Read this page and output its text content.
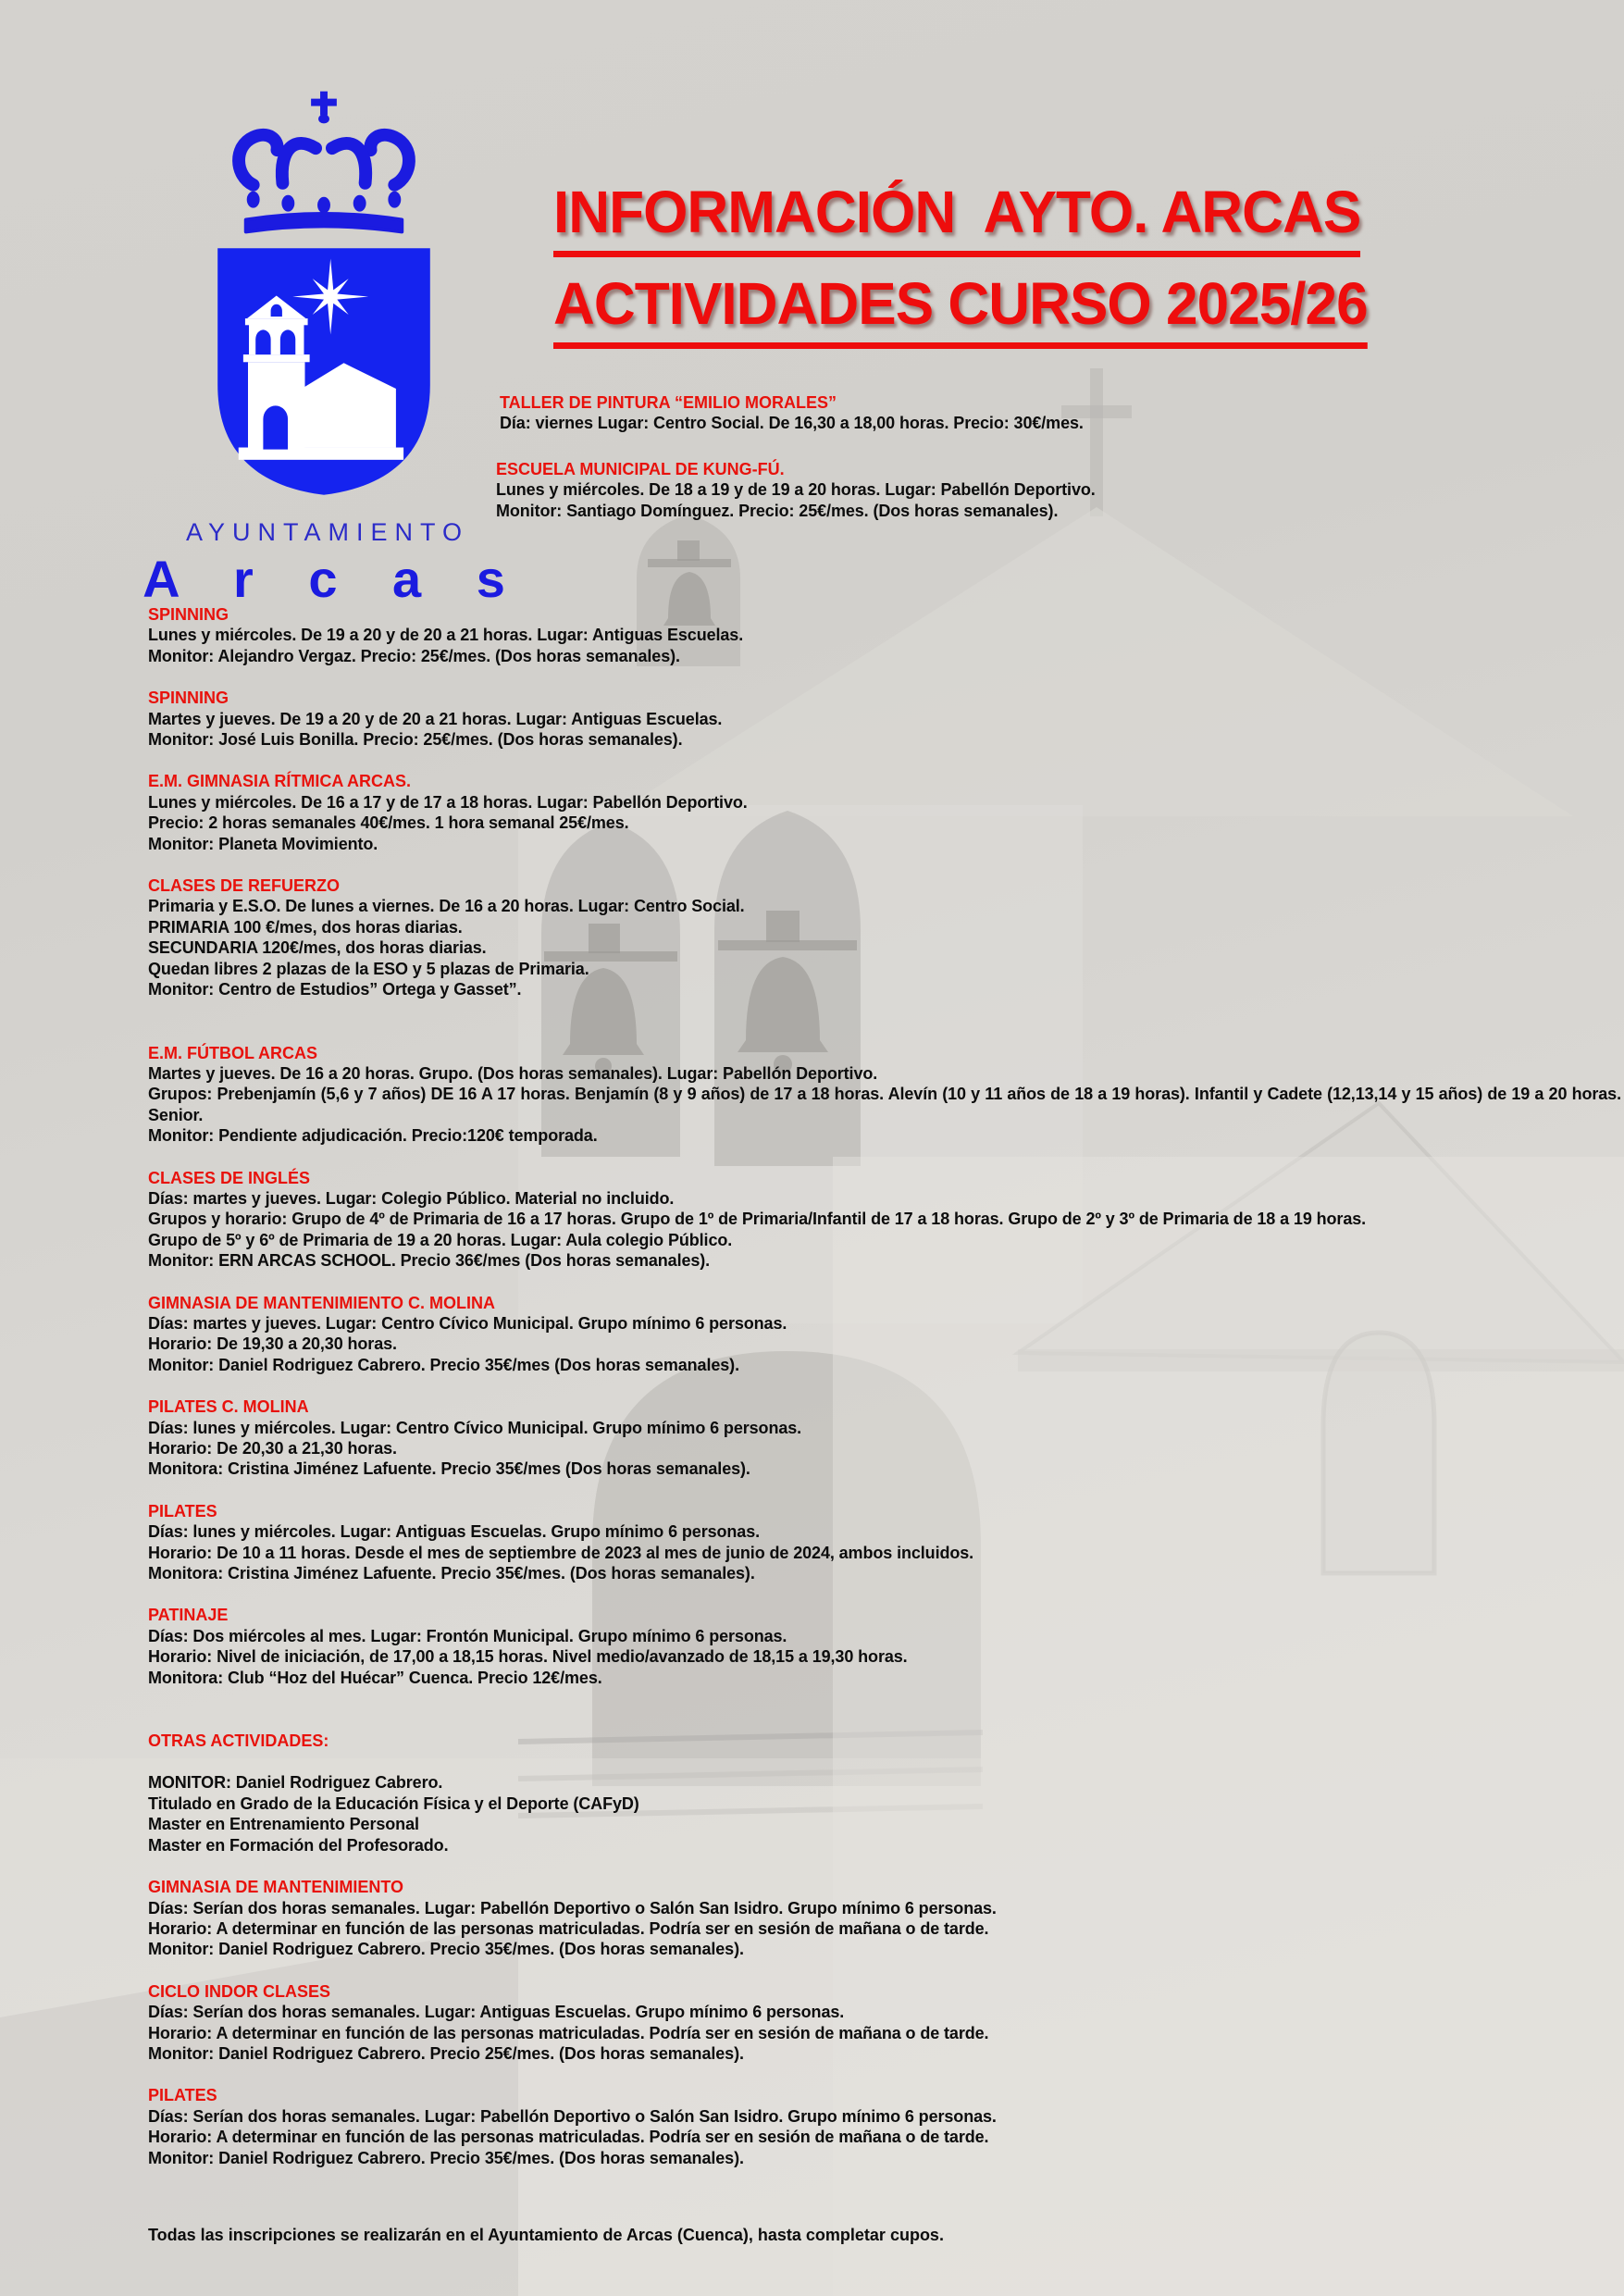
AYUNTAMIENTO
A r c a s
INFORMACIÓN  AYTO. ARCAS
ACTIVIDADES CURSO 2025/26
TALLER DE PINTURA “EMILIO MORALES”
Día: viernes Lugar: Centro Social. De 16,30 a 18,00 horas. Precio: 30€/mes.
ESCUELA MUNICIPAL DE KUNG-FÚ.
Lunes y miércoles. De 18 a 19 y de 19 a 20 horas. Lugar: Pabellón Deportivo.
Monitor: Santiago Domínguez. Precio: 25€/mes. (Dos horas semanales).
SPINNING
Lunes y miércoles. De 19 a 20 y de 20 a 21 horas. Lugar: Antiguas Escuelas.
Monitor: Alejandro Vergaz. Precio: 25€/mes. (Dos horas semanales).
SPINNING
Martes y jueves. De 19 a 20 y de 20 a 21 horas. Lugar: Antiguas Escuelas.
Monitor: José Luis Bonilla. Precio: 25€/mes. (Dos horas semanales).
E.M. GIMNASIA RÍTMICA ARCAS.
Lunes y miércoles. De 16 a 17 y de 17 a 18 horas. Lugar: Pabellón Deportivo.
Precio: 2 horas semanales 40€/mes. 1 hora semanal 25€/mes.
Monitor: Planeta Movimiento.
CLASES DE REFUERZO
Primaria y E.S.O. De lunes a viernes. De 16 a 20 horas. Lugar: Centro Social.
PRIMARIA 100 €/mes, dos horas diarias.
SECUNDARIA 120€/mes, dos horas diarias.
Quedan libres 2 plazas de la ESO y 5 plazas de Primaria.
Monitor: Centro de Estudios” Ortega y Gasset”.
E.M. FÚTBOL ARCAS
Martes y jueves. De 16 a 20 horas. Grupo. (Dos horas semanales). Lugar: Pabellón Deportivo.
Grupos: Prebenjamín (5,6 y 7 años) DE 16 A 17 horas. Benjamín (8 y 9 años) de 17 a 18 horas. Alevín (10 y 11 años de 18 a 19 horas). Infantil y Cadete (12,13,14 y 15 años) de 19 a 20 horas. Senior.
Monitor: Pendiente adjudicación. Precio:120€ temporada.
CLASES DE INGLÉS
Días: martes y jueves. Lugar: Colegio Público. Material no incluido.
Grupos y horario: Grupo de 4º de Primaria de 16 a 17 horas. Grupo de 1º de Primaria/Infantil de 17 a 18 horas. Grupo de 2º y 3º de Primaria de 18 a 19 horas.
Grupo de 5º y 6º de Primaria de 19 a 20 horas. Lugar: Aula colegio Público.
Monitor: ERN ARCAS SCHOOL. Precio 36€/mes (Dos horas semanales).
GIMNASIA DE MANTENIMIENTO C. MOLINA
Días: martes y jueves. Lugar: Centro Cívico Municipal. Grupo mínimo 6 personas.
Horario: De 19,30 a 20,30 horas.
Monitor: Daniel Rodriguez Cabrero. Precio 35€/mes (Dos horas semanales).
PILATES C. MOLINA
Días: lunes y miércoles. Lugar: Centro Cívico Municipal. Grupo mínimo 6 personas.
Horario: De 20,30 a 21,30 horas.
Monitora: Cristina Jiménez Lafuente. Precio 35€/mes (Dos horas semanales).
PILATES
Días: lunes y miércoles. Lugar: Antiguas Escuelas. Grupo mínimo 6 personas.
Horario: De 10 a 11 horas. Desde el mes de septiembre de 2023 al mes de junio de 2024, ambos incluidos.
Monitora: Cristina Jiménez Lafuente. Precio 35€/mes. (Dos horas semanales).
PATINAJE
Días: Dos miércoles al mes. Lugar: Frontón Municipal. Grupo mínimo 6 personas.
Horario: Nivel de iniciación, de 17,00 a 18,15 horas. Nivel medio/avanzado de 18,15 a 19,30 horas.
Monitora: Club “Hoz del Huécar” Cuenca. Precio 12€/mes.
OTRAS ACTIVIDADES:
MONITOR: Daniel Rodriguez Cabrero.
Titulado en Grado de la Educación Física y el Deporte (CAFyD)
Master en Entrenamiento Personal
Master en Formación del Profesorado.
GIMNASIA DE MANTENIMIENTO
Días: Serían dos horas semanales. Lugar: Pabellón Deportivo o Salón San Isidro. Grupo mínimo 6 personas.
Horario: A determinar en función de las personas matriculadas. Podría ser en sesión de mañana o de tarde.
Monitor: Daniel Rodriguez Cabrero. Precio 35€/mes. (Dos horas semanales).
CICLO INDOR CLASES
Días: Serían dos horas semanales. Lugar: Antiguas Escuelas. Grupo mínimo 6 personas.
Horario: A determinar en función de las personas matriculadas. Podría ser en sesión de mañana o de tarde.
Monitor: Daniel Rodriguez Cabrero. Precio 25€/mes. (Dos horas semanales).
PILATES
Días: Serían dos horas semanales. Lugar: Pabellón Deportivo o Salón San Isidro. Grupo mínimo 6 personas.
Horario: A determinar en función de las personas matriculadas. Podría ser en sesión de mañana o de tarde.
Monitor: Daniel Rodriguez Cabrero. Precio 35€/mes. (Dos horas semanales).
Todas las inscripciones se realizarán en el Ayuntamiento de Arcas (Cuenca), hasta completar cupos.
